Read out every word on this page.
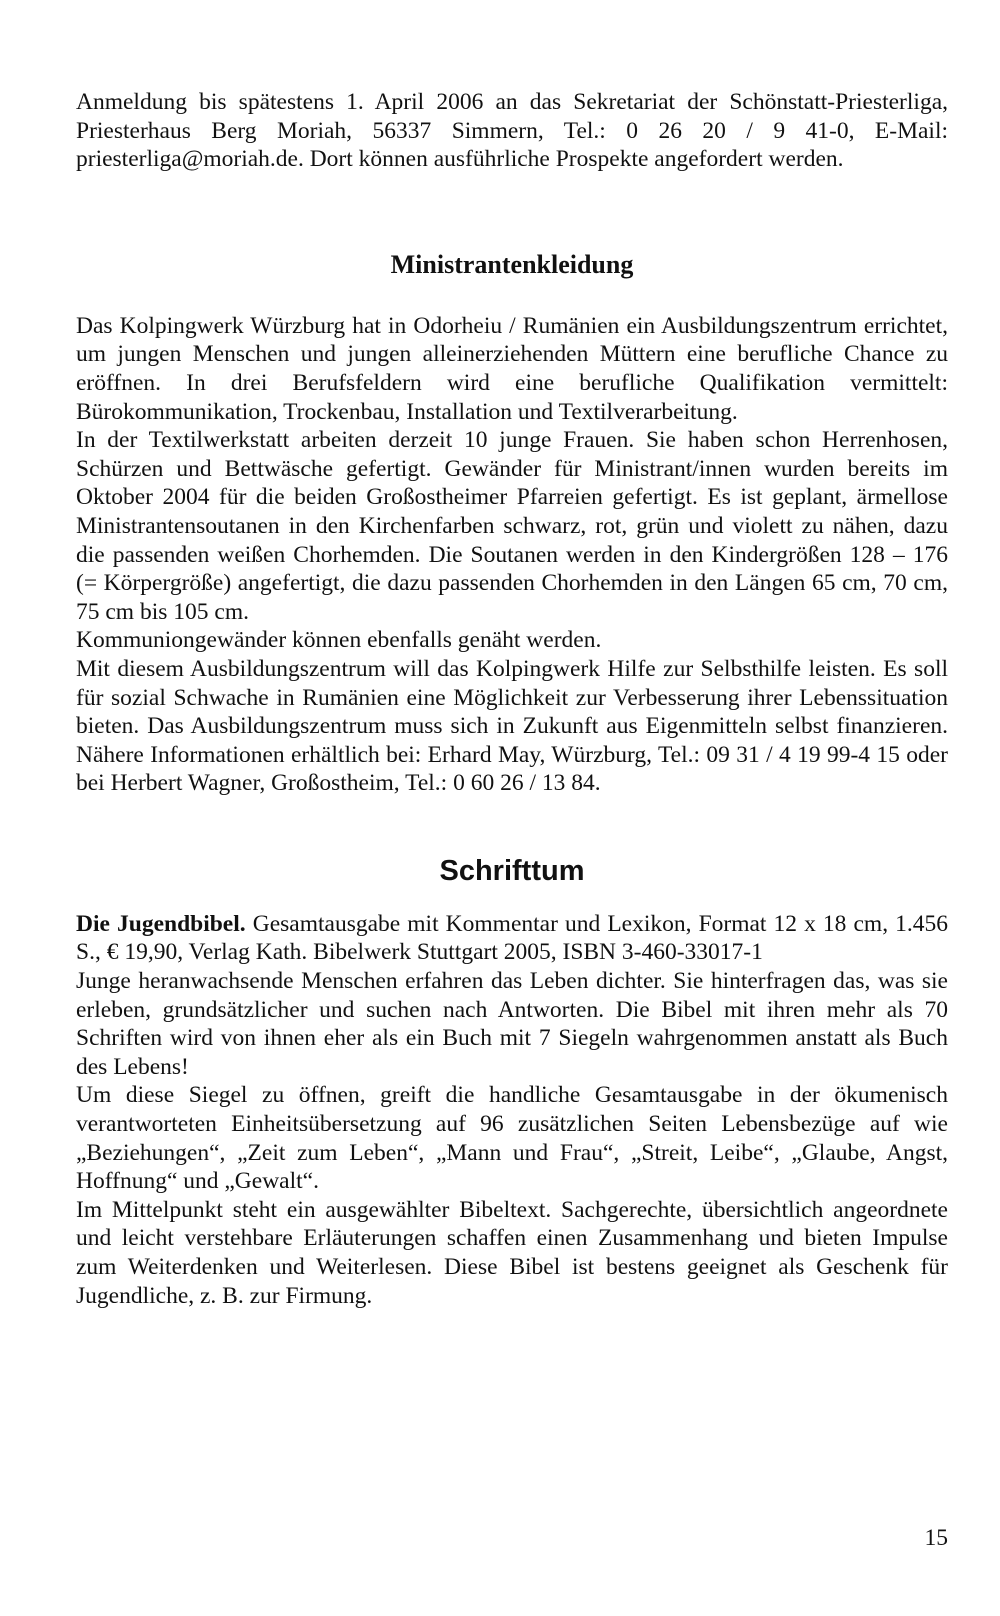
Anmeldung bis spätestens 1. April 2006 an das Sekretariat der Schönstatt-Priesterliga, Priesterhaus Berg Moriah, 56337 Simmern, Tel.: 0 26 20 / 9 41-0, E-Mail: priesterliga@moriah.de. Dort können ausführliche Prospekte angefordert werden.

Ministrantenkleidung

Das Kolpingwerk Würzburg hat in Odorheiu / Rumänien ein Ausbildungszentrum errichtet, um jungen Menschen und jungen alleinerziehenden Müttern eine berufliche Chance zu eröffnen. In drei Berufsfeldern wird eine berufliche Qualifikation vermittelt: Bürokommunikation, Trockenbau, Installation und Textilverarbeitung.

In der Textilwerkstatt arbeiten derzeit 10 junge Frauen. Sie haben schon Herrenhosen, Schürzen und Bettwäsche gefertigt. Gewänder für Ministrant/innen wurden bereits im Oktober 2004 für die beiden Großostheimer Pfarreien gefertigt. Es ist geplant, ärmellose Ministrantensoutanen in den Kirchenfarben schwarz, rot, grün und violett zu nähen, dazu die passenden weißen Chorhemden. Die Soutanen werden in den Kindergrößen 128 – 176 (= Körpergröße) angefertigt, die dazu passenden Chorhemden in den Längen 65 cm, 70 cm, 75 cm bis 105 cm.

Kommuniongewänder können ebenfalls genäht werden.

Mit diesem Ausbildungszentrum will das Kolpingwerk Hilfe zur Selbsthilfe leisten. Es soll für sozial Schwache in Rumänien eine Möglichkeit zur Verbesserung ihrer Lebenssituation bieten. Das Ausbildungszentrum muss sich in Zukunft aus Eigenmitteln selbst finanzieren. Nähere Informationen erhältlich bei: Erhard May, Würzburg, Tel.: 09 31 / 4 19 99-4 15 oder bei Herbert Wagner, Großostheim, Tel.: 0 60 26 / 13 84.

Schrifttum

Die Jugendbibel. Gesamtausgabe mit Kommentar und Lexikon, Format 12 x 18 cm, 1.456 S., € 19,90, Verlag Kath. Bibelwerk Stuttgart 2005, ISBN 3-460-33017-1

Junge heranwachsende Menschen erfahren das Leben dichter. Sie hinterfragen das, was sie erleben, grundsätzlicher und suchen nach Antworten. Die Bibel mit ihren mehr als 70 Schriften wird von ihnen eher als ein Buch mit 7 Siegeln wahrgenommen anstatt als Buch des Lebens!

Um diese Siegel zu öffnen, greift die handliche Gesamtausgabe in der ökumenisch verantworteten Einheitsübersetzung auf 96 zusätzlichen Seiten Lebensbezüge auf wie „Beziehungen“, „Zeit zum Leben“, „Mann und Frau“, „Streit, Leibe“, „Glaube, Angst, Hoffnung“ und „Gewalt“.

Im Mittelpunkt steht ein ausgewählter Bibeltext. Sachgerechte, übersichtlich angeordnete und leicht verstehbare Erläuterungen schaffen einen Zusammenhang und bieten Impulse zum Weiterdenken und Weiterlesen. Diese Bibel ist bestens geeignet als Geschenk für Jugendliche, z. B. zur Firmung.

15
